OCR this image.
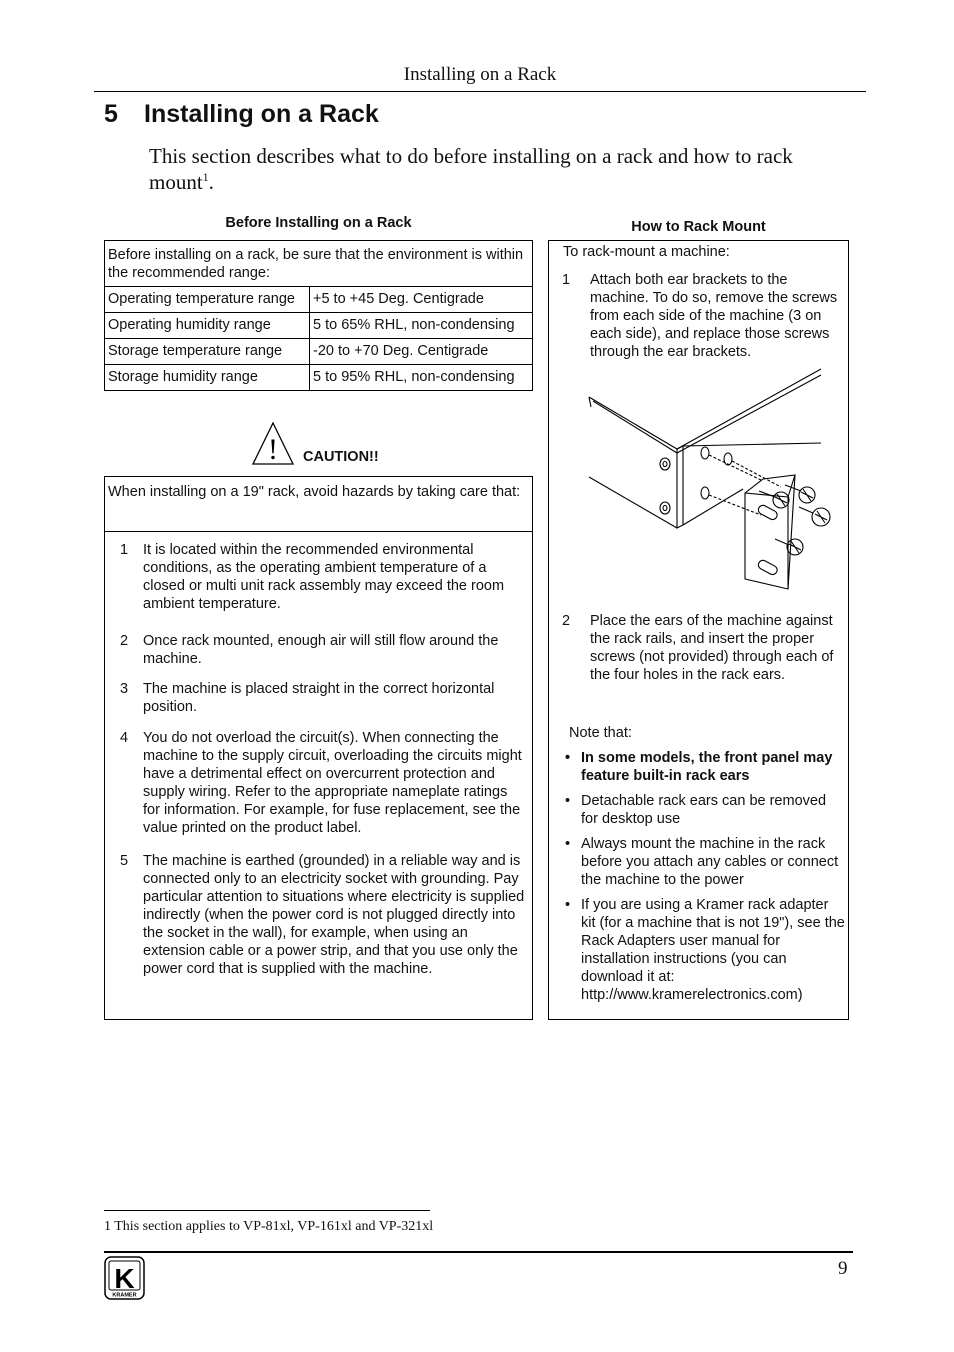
Installing on a Rack
5 Installing on a Rack

This section describes what to do before installing on a rack and how to rack mount$^1$.

Before Installing on a Rack	How to Rack Mount
Before installing on a rack, be sure that the environment is within the recommended range:
Operating temperature range	+5 to +45 Deg. Centigrade
Operating humidity range	5 to 65% RHL, non-condensing
Storage temperature range	-20 to +70 Deg. Centigrade
Storage humidity range	5 to 95% RHL, non-condensing
! CAUTION!!
When installing on a 19" rack, avoid hazards by taking care that:
1 It is located within the recommended environmental conditions, as the operating ambient temperature of a closed or multi unit rack assembly may exceed the room ambient temperature.
2 Once rack mounted, enough air will still flow around the machine.
3 The machine is placed straight in the correct horizontal position.
4 You do not overload the circuit(s). When connecting the machine to the supply circuit, overloading the circuits might have a detrimental effect on overcurrent protection and supply wiring. Refer to the appropriate nameplate ratings for information. For example, for fuse replacement, see the value printed on the product label.
5 The machine is earthed (grounded) in a reliable way and is connected only to an electricity socket with grounding. Pay particular attention to situations where electricity is supplied indirectly (when the power cord is not plugged directly into the socket in the wall), for example, when using an extension cable or a power strip, and that you use only the power cord that is supplied with the machine.
To rack-mount a machine:
1 Attach both ear brackets to the machine. To do so, remove the screws from each side of the machine (3 on each side), and replace those screws through the ear brackets.
2 Place the ears of the machine against the rack rails, and insert the proper screws (not provided) through each of the four holes in the rack ears.
Note that:
• In some models, the front panel may feature built-in rack ears
• Detachable rack ears can be removed for desktop use
• Always mount the machine in the rack before you attach any cables or connect the machine to the power
• If you are using a Kramer rack adapter kit (for a machine that is not 19"), see the Rack Adapters user manual for installation instructions (you can download it at: http://www.kramerelectronics.com)
1 This section applies to VP-81xl, VP-161xl and VP-321xl
9
K
KRAMER
